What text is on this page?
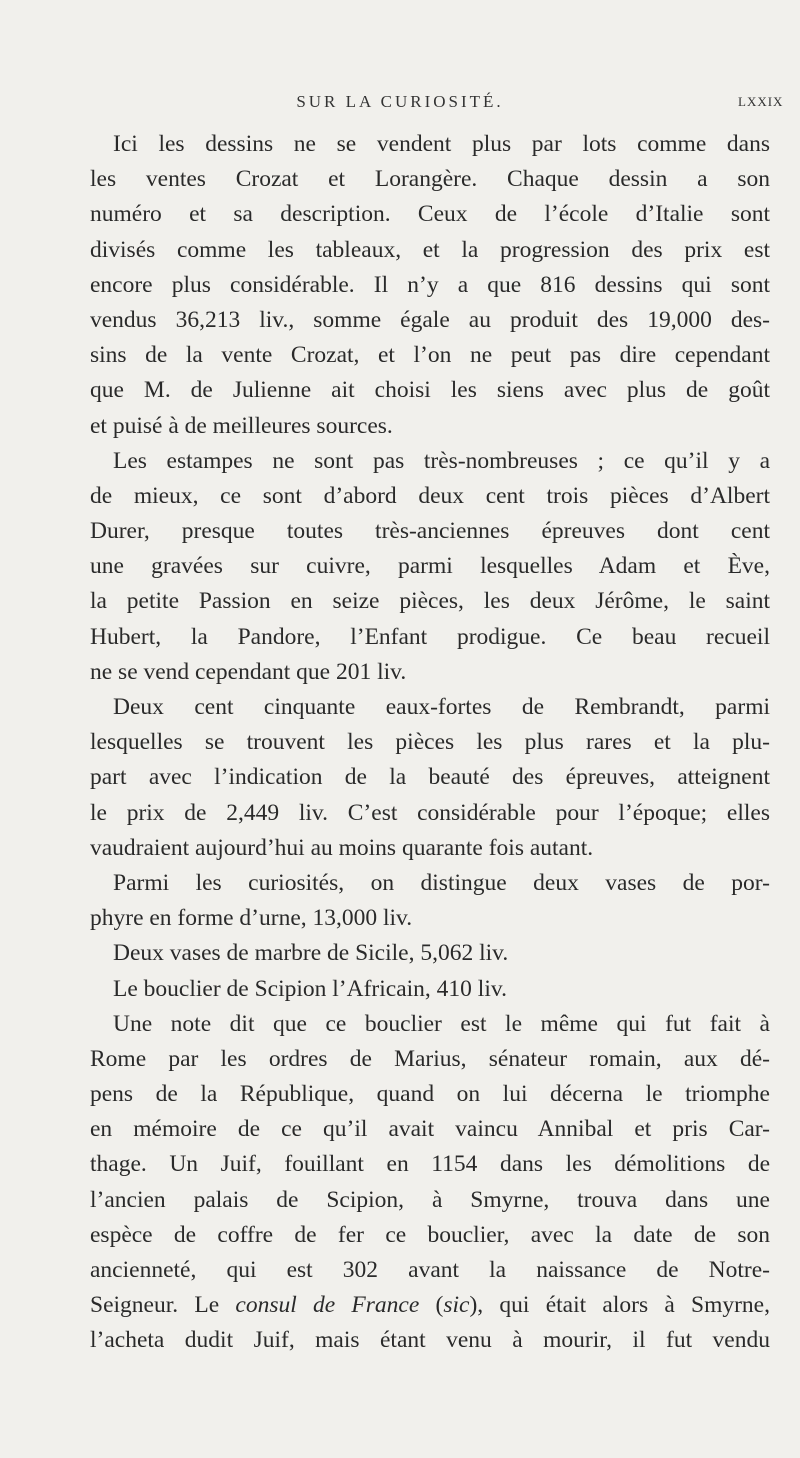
SUR LA CURIOSITÉ.	LXXIX
Ici les dessins ne se vendent plus par lots comme dans
les ventes Crozat et Lorangère. Chaque dessin a son
numéro et sa description. Ceux de l’école d’Italie sont
divisés comme les tableaux, et la progression des prix est
encore plus considérable. Il n’y a que 816 dessins qui sont
vendus 36,213 liv., somme égale au produit des 19,000 des-
sins de la vente Crozat, et l’on ne peut pas dire cependant
que M. de Julienne ait choisi les siens avec plus de goût
et puisé à de meilleures sources.
Les estampes ne sont pas très-nombreuses ; ce qu’il y a
de mieux, ce sont d’abord deux cent trois pièces d’Albert
Durer, presque toutes très-anciennes épreuves dont cent
une gravées sur cuivre, parmi lesquelles Adam et Ève,
la petite Passion en seize pièces, les deux Jérôme, le saint
Hubert, la Pandore, l’Enfant prodigue. Ce beau recueil
ne se vend cependant que 201 liv.
Deux cent cinquante eaux-fortes de Rembrandt, parmi
lesquelles se trouvent les pièces les plus rares et la plu-
part avec l’indication de la beauté des épreuves, atteignent
le prix de 2,449 liv. C’est considérable pour l’époque; elles
vaudraient aujourd’hui au moins quarante fois autant.
Parmi les curiosités, on distingue deux vases de por-
phyre en forme d’urne, 13,000 liv.
Deux vases de marbre de Sicile, 5,062 liv.
Le bouclier de Scipion l’Africain, 410 liv.
Une note dit que ce bouclier est le même qui fut fait à
Rome par les ordres de Marius, sénateur romain, aux dé-
pens de la République, quand on lui décerna le triomphe
en mémoire de ce qu’il avait vaincu Annibal et pris Car-
thage. Un Juif, fouillant en 1154 dans les démolitions de
l’ancien palais de Scipion, à Smyrne, trouva dans une
espèce de coffre de fer ce bouclier, avec la date de son
ancienneté, qui est 302 avant la naissance de Notre-
Seigneur. Le consul de France (sic), qui était alors à Smyrne,
l’acheta dudit Juif, mais étant venu à mourir, il fut vendu
